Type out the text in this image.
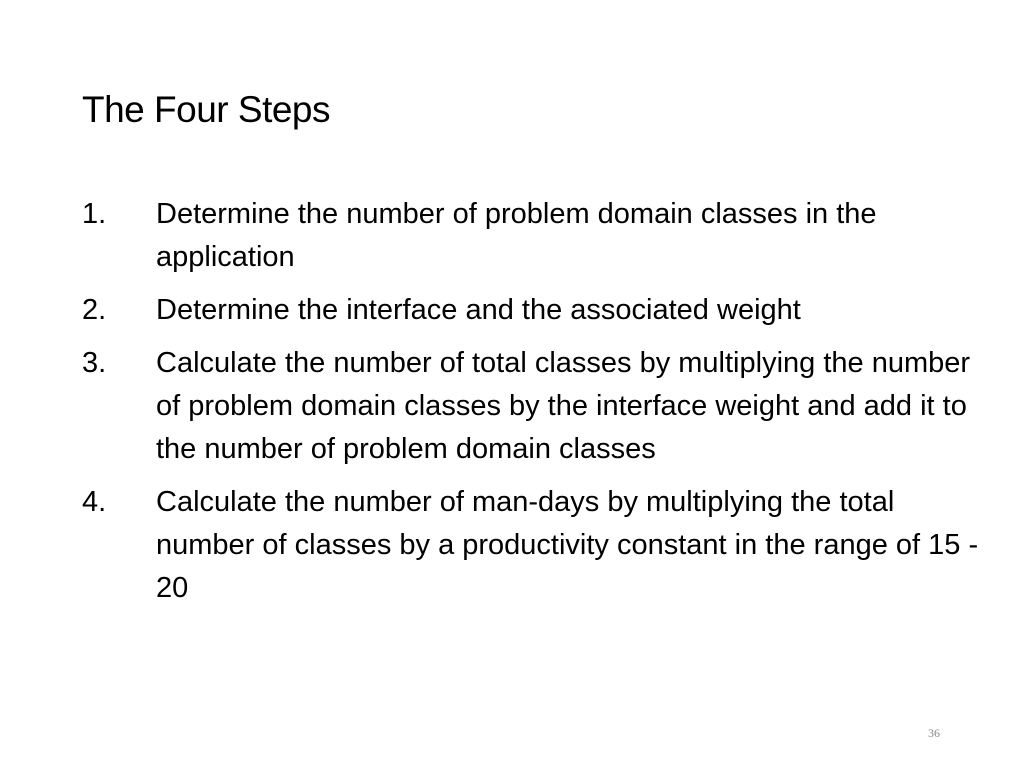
The Four Steps
1.	Determine the number of problem domain classes in the application
2.	Determine the interface and the associated weight
3.	Calculate the number of total classes by multiplying the number of problem domain classes by the interface weight and add it to the number of problem domain classes
4.	Calculate the number of man-days by multiplying the total number of classes by a productivity constant in the range of 15 - 20
36
